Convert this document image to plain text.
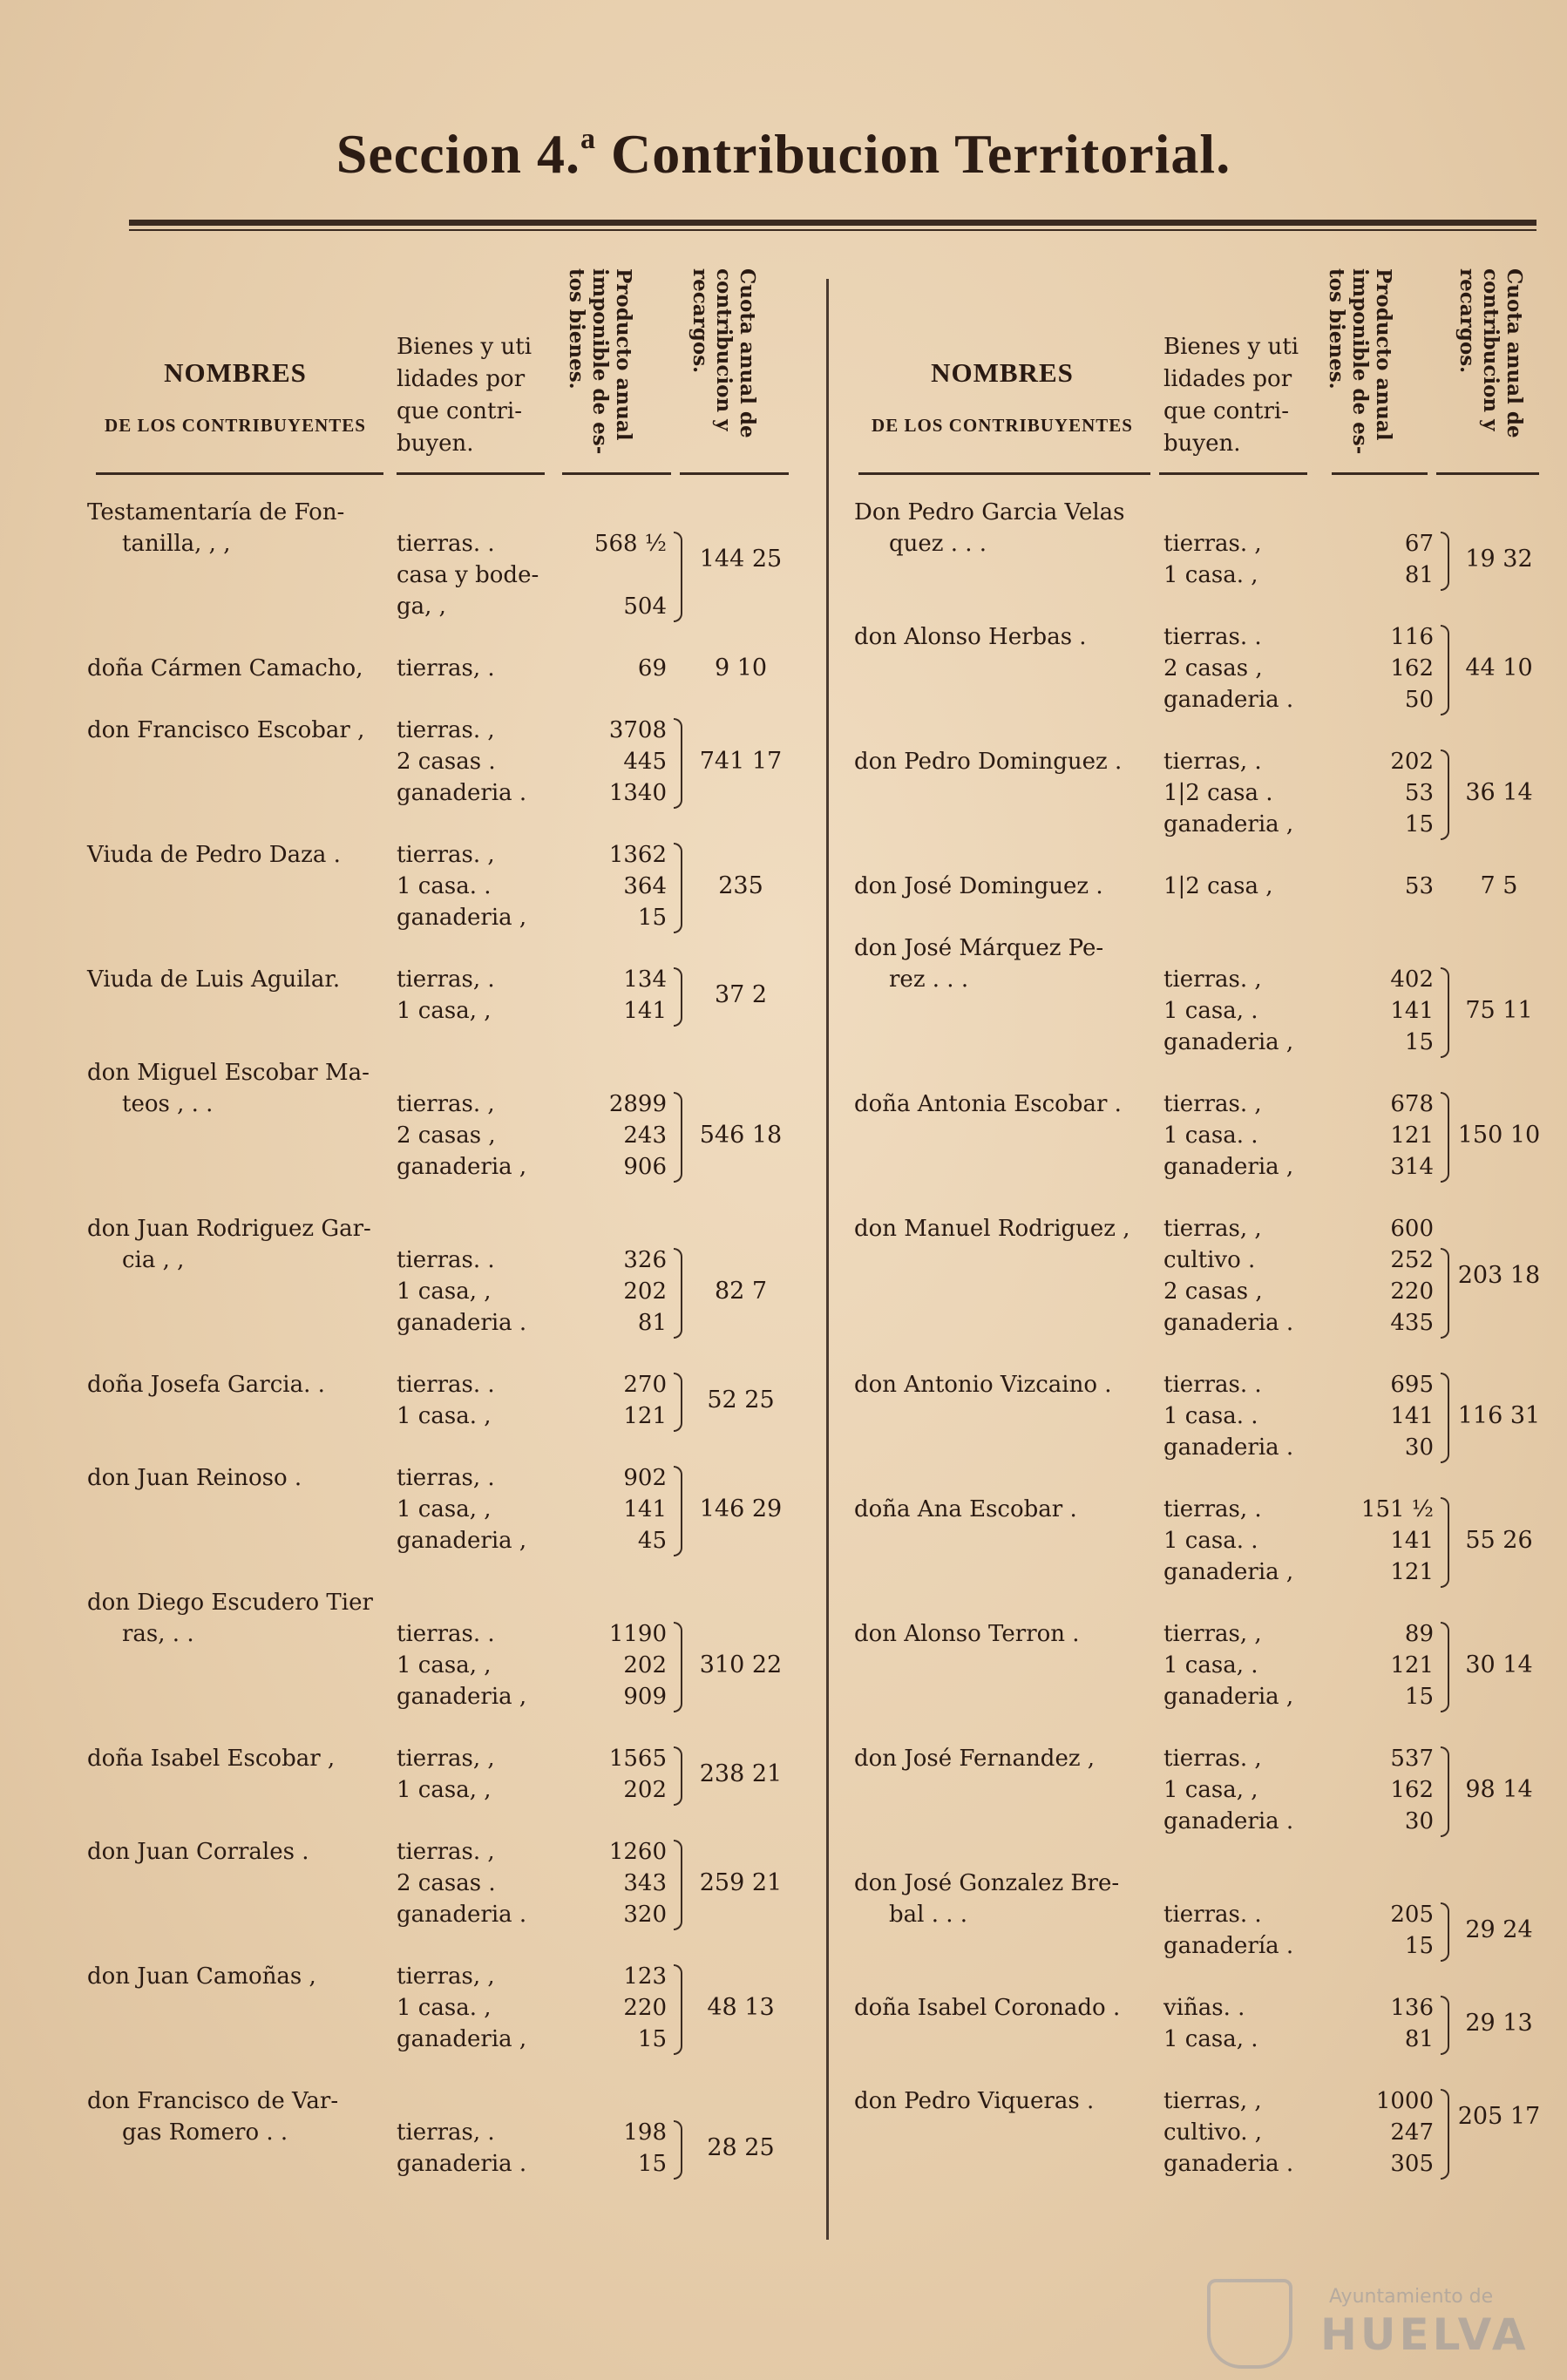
Seccion 4.$^a$ Contribucion Territorial.
NOMBRES
DE LOS CONTRIBUYENTES
Bienes y uti lidades por que contri- buyen.
Producto anual imponible de es- tos bienes.	Cuota anual de contribucion y recargos.
Testamentaría de Fon-
tanilla, , ,	tierras. .	568 ½
casa y bode-
ga, ,	504
144 25
doña Cármen Camacho,	tierras, .	69	9 10
don Francisco Escobar ,	tierras. ,	3708
2 casas .	445
ganaderia .	1340
741 17
Viuda de Pedro Daza .	tierras. ,	1362
1 casa. .	364
ganaderia ,	15
235
Viuda de Luis Aguilar.	tierras, .	134
1 casa, ,	141
37 2
don Miguel Escobar Ma-
teos , . .	tierras. ,	2899
2 casas ,	243
ganaderia ,	906
546 18
don Juan Rodriguez Gar-
cia , ,	tierras. .	326
1 casa, ,	202
ganaderia .	81
82 7
doña Josefa Garcia. .	tierras. .	270
1 casa. ,	121
52 25
don Juan Reinoso .	tierras, .	902
1 casa, ,	141
ganaderia ,	45
146 29
don Diego Escudero Tier
ras, . .	tierras. .	1190
1 casa, ,	202
ganaderia ,	909
310 22
doña Isabel Escobar ,	tierras, ,	1565
1 casa, ,	202
238 21
don Juan Corrales .	tierras. ,	1260
2 casas .	343
ganaderia .	320
259 21
don Juan Camoñas ,	tierras, ,	123
1 casa. ,	220
ganaderia ,	15
48 13
don Francisco de Var-
gas Romero . .	tierras, .	198
ganaderia .	15
28 25
NOMBRES
DE LOS CONTRIBUYENTES
Bienes y uti lidades por que contri- buyen.
Producto anual imponible de es- tos bienes.	Cuota anual de contribucion y recargos.
Don Pedro Garcia Velas
quez . . .	tierras. ,	67
1 casa. ,	81
19 32
don Alonso Herbas .	tierras. .	116
2 casas ,	162
ganaderia .	50
44 10
don Pedro Dominguez .	tierras, .	202
1|2 casa .	53
ganaderia ,	15
36 14
don José Dominguez .	1|2 casa ,	53	7 5
don José Márquez Pe-
rez . . .	tierras. ,	402
1 casa, .	141
ganaderia ,	15
75 11
doña Antonia Escobar .	tierras. ,	678
1 casa. .	121
ganaderia ,	314
150 10
don Manuel Rodriguez ,	tierras, ,	600
cultivo .	252
2 casas ,	220
ganaderia .	435
203 18
don Antonio Vizcaino .	tierras. .	695
1 casa. .	141
ganaderia .	30
116 31
doña Ana Escobar .	tierras, .	151 ½
1 casa. .	141
ganaderia ,	121
55 26
don Alonso Terron .	tierras, ,	89
1 casa, .	121
ganaderia ,	15
30 14
don José Fernandez ,	tierras. ,	537
1 casa, ,	162
ganaderia .	30
98 14
don José Gonzalez Bre-
bal . . .	tierras. .	205
ganadería .	15
29 24
doña Isabel Coronado .	viñas. .	136
1 casa, .	81
29 13
don Pedro Viqueras .	tierras, ,	1000
cultivo. ,	247
ganaderia .	305
205 17
Ayuntamiento de
HUELVA
